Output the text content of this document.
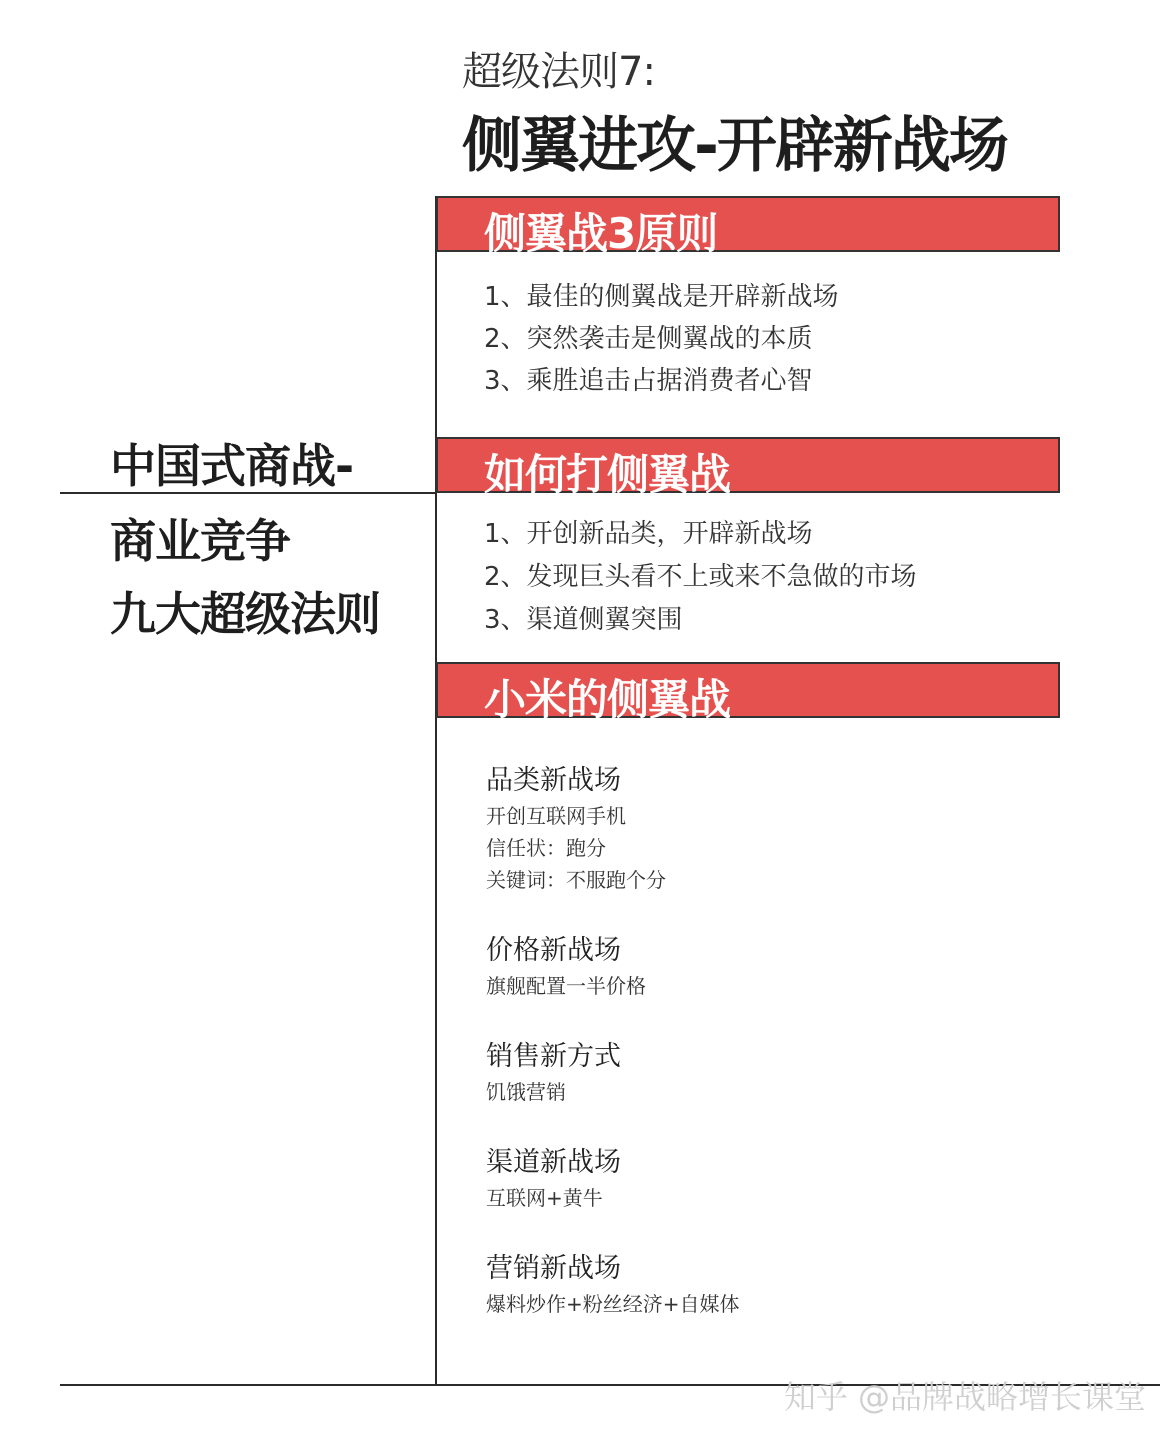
超级法则7:
侧翼进攻-开辟新战场
中国式商战-
商业竞争
九大超级法则
侧翼战3原则
1、最佳的侧翼战是开辟新战场
2、突然袭击是侧翼战的本质
3、乘胜追击占据消费者心智
如何打侧翼战
1、开创新品类，开辟新战场
2、发现巨头看不上或来不急做的市场
3、渠道侧翼突围
小米的侧翼战
品类新战场
开创互联网手机
信任状：跑分
关键词：不服跑个分
价格新战场
旗舰配置一半价格
销售新方式
饥饿营销
渠道新战场
互联网+黄牛
营销新战场
爆料炒作+粉丝经济+自媒体
知乎 @品牌战略增长课堂
